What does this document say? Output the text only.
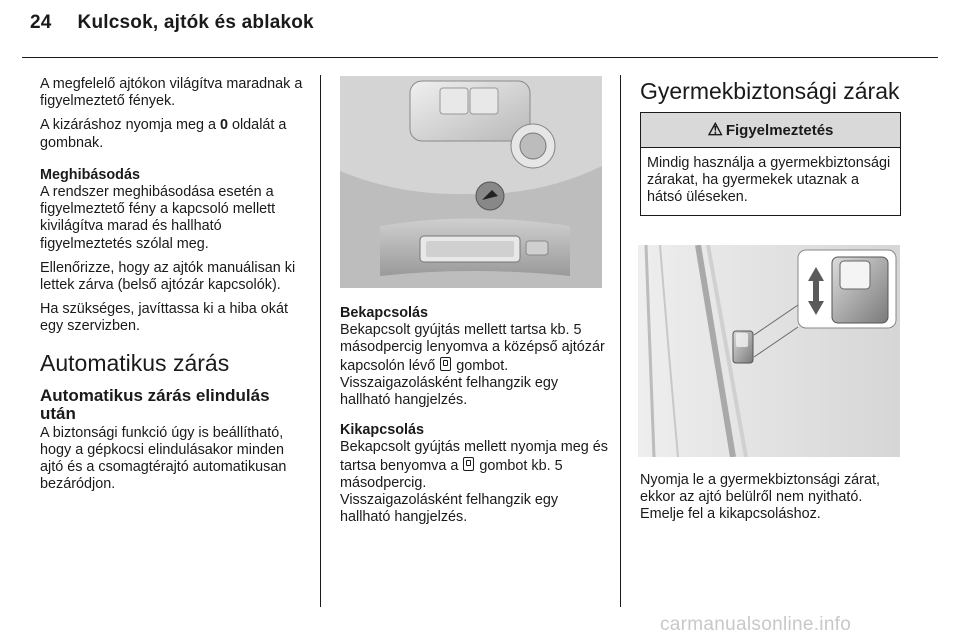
24 Kulcsok, ajtók és ablakok

A megfelelő ajtókon világítva maradnak a figyelmeztető fények.

A kizáráshoz nyomja meg a 0 oldalát a gombnak.

Meghibásodás

A rendszer meghibásodása esetén a figyelmeztető fény a kapcsoló mellett kivilágítva marad és hallható figyelmeztetés szólal meg.

Ellenőrizze, hogy az ajtók manuálisan ki lettek zárva (belső ajtózár kapcsolók).

Ha szükséges, javíttassa ki a hiba okát egy szervizben.

Automatikus zárás
Automatikus zárás elindulás után

A biztonsági funkció úgy is beállítható, hogy a gépkocsi elindulásakor minden ajtó és a csomagtérajtó automatikusan bezáródjon.

Bekapcsolás

Bekapcsolt gyújtás mellett tartsa kb. 5 másodpercig lenyomva a középső ajtózár kapcsolón lévő  gombot. Visszaigazolásként felhangzik egy hallható hangjelzés.

Kikapcsolás

Bekapcsolt gyújtás mellett nyomja meg és tartsa benyomva a  gombot kb. 5 másodpercig.

Visszaigazolásként felhangzik egy hallható hangjelzés.

Gyermekbiztonsági zárak
⚠ Figyelmeztetés
Mindig használja a gyermekbiztonsági zárakat, ha gyermekek utaznak a hátsó üléseken.
Nyomja le a gyermekbiztonsági zárat, ekkor az ajtó belülről nem nyitható. Emelje fel a kikapcsoláshoz.
carmanualsonline.info
